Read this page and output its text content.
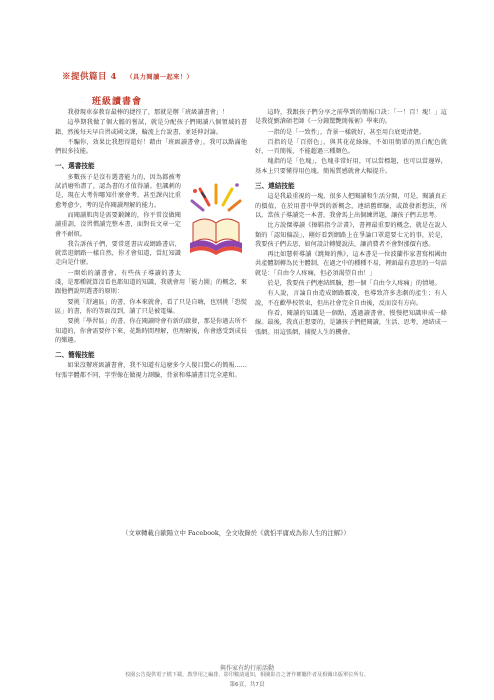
※提供篇目 4 （具力閱讀一起來！）
班級讀書會

我發現車泰教育最棒的捷徑了，那就是辦「班級讀書會」！

這學期我做了個大膽的嘗試，就是分配孩子們閱讀八個領域的書籍，然後每天早自習或國文課，輪流上台說書，並延伸討論。

不騙你，效果比我想得還好！藉由「班級讀書會」，我可以點滿他們很多技能。

一、選書技能

多數孩子是沒有選書能力的，因為都被考試消磨殆盡了，認為書的才值得讀。但諷刺的是，現在大考你哪知什麼會考，甚至課內比重愈考愈少，考的是你閱讀理解的能力。

而閱讀肌肉是需要鍛鍊的，你平常沒做閱讀重訓，沒習慣讀完整本書，面對長文章一定會不耐煩。

我告訴孩子們，要常逛書店或網路書店，就當逛網路一樣自然，你才會知道，當紅知識走向是什麼。

一開始的讀書會，有些孩子導讀的書太淺，是那種就算沒看也都知道的知識，我就會用「能力圖」的概念，來跟他們說明選書的原則：

要挑「舒適區」的書，你本來就會，看了只是自嗨，也別挑「恐慌區」的書，你的等級沒到，讀了只是被電爆。

要挑「學習區」的書，你在閱讀時會有新的啟發，那是你過去所不知道的，你會需要停下來，花點時間理解，但理解後，你會感受到成長的樂趣。

二、簡報技能

如果沒辦班級讀書會，我不知道有這麼多令人傻目驚心的簡報……每張字體都不同，字型像在做視力測驗，背景和導讀書目完全違和。

這時，我跟孩子們分享之前學到的簡報口訣：「一！百！塊！」這是我從劉滄碩老師《一分鐘驚艷簡報術》學來的。

一指的是「一致性」，背景一樣就好，甚至用白底更清楚。

百指的是「百搭色」，與其花花綠綠，不如用簡單的黑白配色就好，一頁簡報，不能超過三種顏色。

塊指的是「色塊」，色塊非常好用，可以當標題，也可以當邊界，基本上只要懂得用色塊，簡報質感就會大幅提升。

三、連結技能

這是我最重視的一塊，很多人把閱讀和生活分開，可是，閱讀真正的價值，在於用書中學到的新概念，連結舊經驗，或啟發新想法，所以，當孩子導讀完一本書，我會馬上出個練習題，讓孩子們去思考。

比方說傑導讀《擦鞋指令計畫》，書裡最重要的概念，就是在說人類的「認知偏誤」，剛好看到網路上在爭論口罩還要七元的事，於是，我要孩子們去思，如何設計轉變說法，讓消費者不會對漲價有感。

再比如慧軒導讀《跳舞的熊》，這本書是一位波蘭作家書寫相國由共產體制轉為民主體制，在過之中的種種不易，裡頭最有意思的一句話就是：「自由令人疼痛，但必須渴望自由！」

於是，我要孩子們連結經驗，想一個「自由令人疼痛」的情境。

有人說，言論自由造成網路霸凌，也導致許多悲劇的產生；有人說，不在歡學校管束，但出社會完全自由後，反而沒有方向。

你看，閱讀的知識是一個點，透過讀書會，慢慢把知識串成一條線。最後，我真正想要的，是讓孩子們把閱讀，生活、思考，連結成一張網。用這張網，捕捉人生的機會。

（文章轉載自歐陽立中 Facebook，全文收錄於《就怕平庸成為你人生的注解》）
與作家有約行前活動
校園公告提供電子檔下載，教學用之編排、影印數請通知，相關影音之著作權屬作者及相關出版單位所有。
第6頁，共7頁
